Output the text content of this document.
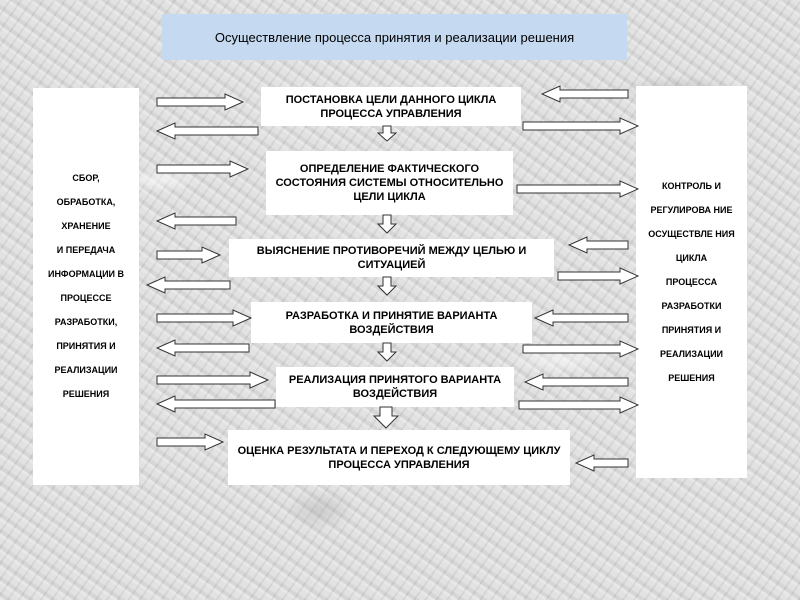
Осуществление процесса принятия и реализации решения

СБОР,

ОБРАБОТКА,

ХРАНЕНИЕ

И ПЕРЕДАЧА

ИНФОРМАЦИИ В

ПРОЦЕССЕ

РАЗРАБОТКИ,

ПРИНЯТИЯ И

РЕАЛИЗАЦИИ

РЕШЕНИЯ

КОНТРОЛЬ И

РЕГУЛИРОВА НИЕ

ОСУЩЕСТВЛЕ НИЯ

ЦИКЛА

ПРОЦЕССА

РАЗРАБОТКИ

ПРИНЯТИЯ И

РЕАЛИЗАЦИИ

РЕШЕНИЯ

ПОСТАНОВКА ЦЕЛИ ДАННОГО ЦИКЛА ПРОЦЕССА УПРАВЛЕНИЯ
ОПРЕДЕЛЕНИЕ ФАКТИЧЕСКОГО СОСТОЯНИЯ СИСТЕМЫ ОТНОСИТЕЛЬНО ЦЕЛИ ЦИКЛА
ВЫЯСНЕНИЕ ПРОТИВОРЕЧИЙ МЕЖДУ ЦЕЛЬЮ И СИТУАЦИЕЙ
РАЗРАБОТКА И ПРИНЯТИЕ ВАРИАНТА ВОЗДЕЙСТВИЯ
РЕАЛИЗАЦИЯ ПРИНЯТОГО ВАРИАНТА ВОЗДЕЙСТВИЯ
ОЦЕНКА РЕЗУЛЬТАТА И ПЕРЕХОД К СЛЕДУЮЩЕМУ ЦИКЛУ ПРОЦЕССА УПРАВЛЕНИЯ
